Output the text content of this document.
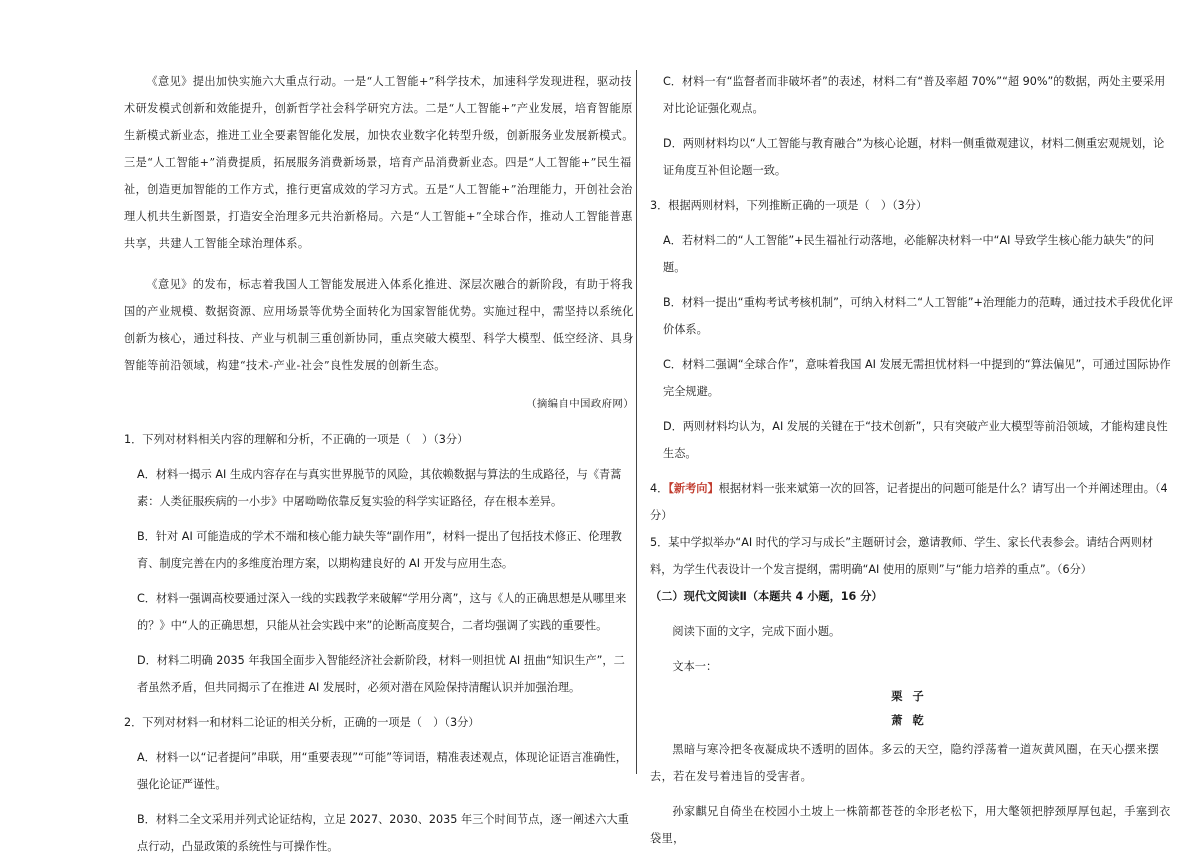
《意见》提出加快实施六大重点行动。一是“人工智能+”科学技术，加速科学发现进程，驱动技术研发模式创新和效能提升，创新哲学社会科学研究方法。二是“人工智能+”产业发展，培育智能原生新模式新业态，推进工业全要素智能化发展，加快农业数字化转型升级，创新服务业发展新模式。三是“人工智能+”消费提质，拓展服务消费新场景，培育产品消费新业态。四是“人工智能+”民生福祉，创造更加智能的工作方式，推行更富成效的学习方式。五是“人工智能+”治理能力，开创社会治理人机共生新图景，打造安全治理多元共治新格局。六是“人工智能+”全球合作，推动人工智能普惠共享，共建人工智能全球治理体系。

《意见》的发布，标志着我国人工智能发展进入体系化推进、深层次融合的新阶段，有助于将我国的产业规模、数据资源、应用场景等优势全面转化为国家智能优势。实施过程中，需坚持以系统化创新为核心，通过科技、产业与机制三重创新协同，重点突破大模型、科学大模型、低空经济、具身智能等前沿领域，构建“技术-产业-社会”良性发展的创新生态。

（摘编自中国政府网）

1．下列对材料相关内容的理解和分析，不正确的一项是（　）（3分）

A．材料一揭示 AI 生成内容存在与真实世界脱节的风险，其依赖数据与算法的生成路径，与《青蒿素：人类征服疾病的一小步》中屠呦呦依靠反复实验的科学实证路径，存在根本差异。

B．针对 AI 可能造成的学术不端和核心能力缺失等“副作用”，材料一提出了包括技术修正、伦理教育、制度完善在内的多维度治理方案，以期构建良好的 AI 开发与应用生态。

C．材料一强调高校要通过深入一线的实践教学来破解“学用分离”，这与《人的正确思想是从哪里来的？》中“人的正确思想，只能从社会实践中来”的论断高度契合，二者均强调了实践的重要性。

D．材料二明确 2035 年我国全面步入智能经济社会新阶段，材料一则担忧 AI 扭曲“知识生产”，二者虽然矛盾，但共同揭示了在推进 AI 发展时，必须对潜在风险保持清醒认识并加强治理。

2．下列对材料一和材料二论证的相关分析，正确的一项是（　）（3分）

A．材料一以“记者提问”串联，用“重要表现”“可能”等词语，精准表述观点，体现论证语言准确性，强化论证严谨性。

B．材料二全文采用并列式论证结构，立足 2027、2030、2035 年三个时间节点，逐一阐述六大重点行动，凸显政策的系统性与可操作性。

C．材料一有“监督者而非破坏者”的表述，材料二有“普及率超 70%”“超 90%”的数据，两处主要采用对比论证强化观点。

D．两则材料均以“人工智能与教育融合”为核心论题，材料一侧重微观建议，材料二侧重宏观规划，论证角度互补但论题一致。

3．根据两则材料，下列推断正确的一项是（　）（3分）

A．若材料二的“人工智能”+民生福祉行动落地，必能解决材料一中“AI 导致学生核心能力缺失”的问题。

B．材料一提出“重构考试考核机制”，可纳入材料二“人工智能”+治理能力的范畴，通过技术手段优化评价体系。

C．材料二强调“全球合作”，意味着我国 AI 发展无需担忧材料一中提到的“算法偏见”，可通过国际协作完全规避。

D．两则材料均认为，AI 发展的关键在于“技术创新”，只有突破产业大模型等前沿领域，才能构建良性生态。

4．【新考向】根据材料一张来斌第一次的回答，记者提出的问题可能是什么？请写出一个并阐述理由。（4分）

5．某中学拟举办“AI 时代的学习与成长”主题研讨会，邀请教师、学生、家长代表参会。请结合两则材料，为学生代表设计一个发言提纲，需明确“AI 使用的原则”与“能力培养的重点”。（6分）

（二）现代文阅读Ⅱ（本题共 4 小题，16 分）

阅读下面的文字，完成下面小题。

文本一：

栗子

萧乾

黑暗与寒冷把冬夜凝成块不透明的固体。多云的天空，隐约浮荡着一道灰黄风圈，在天心摆来摆去，若在发号着违旨的受害者。

孙家麒兄自倚坐在校园小土坡上一株箭都苍苍的伞形老松下，用大氅领把脖颈厚厚包起，手塞到衣袋里，
